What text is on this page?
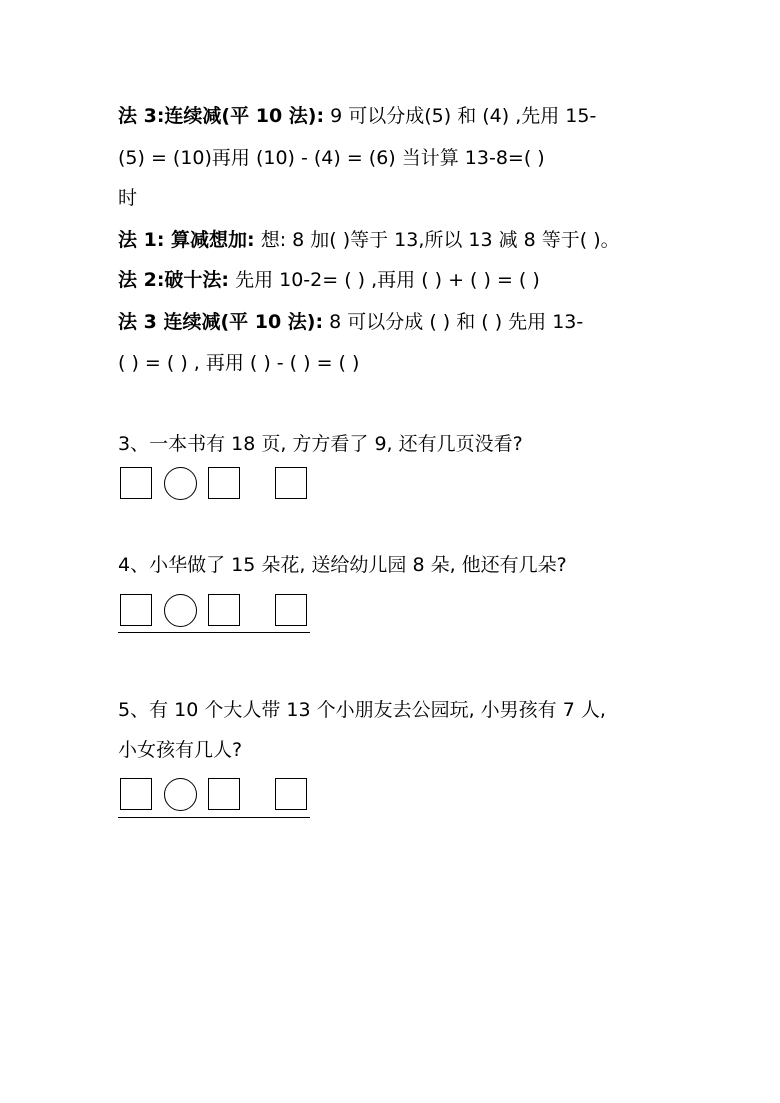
法 3:连续减(平 10 法): 9 可以分成(5) 和 (4) ,先用 15-
(5) = (10)再用 (10) - (4) = (6) 当计算 13-8=( )
时
法 1: 算减想加: 想: 8 加( )等于 13,所以 13 减 8 等于( )。
法 2:破十法: 先用 10-2= ( ) ,再用 ( ) + ( ) = ( )
法 3 连续减(平 10 法): 8 可以分成 ( ) 和 ( ) 先用 13-
( ) = ( ) , 再用 ( ) - ( ) = ( )
3、一本书有 18 页, 方方看了 9, 还有几页没看?
4、小华做了 15 朵花, 送给幼儿园 8 朵, 他还有几朵?
5、有 10 个大人带 13 个小朋友去公园玩, 小男孩有 7 人,
小女孩有几人?
